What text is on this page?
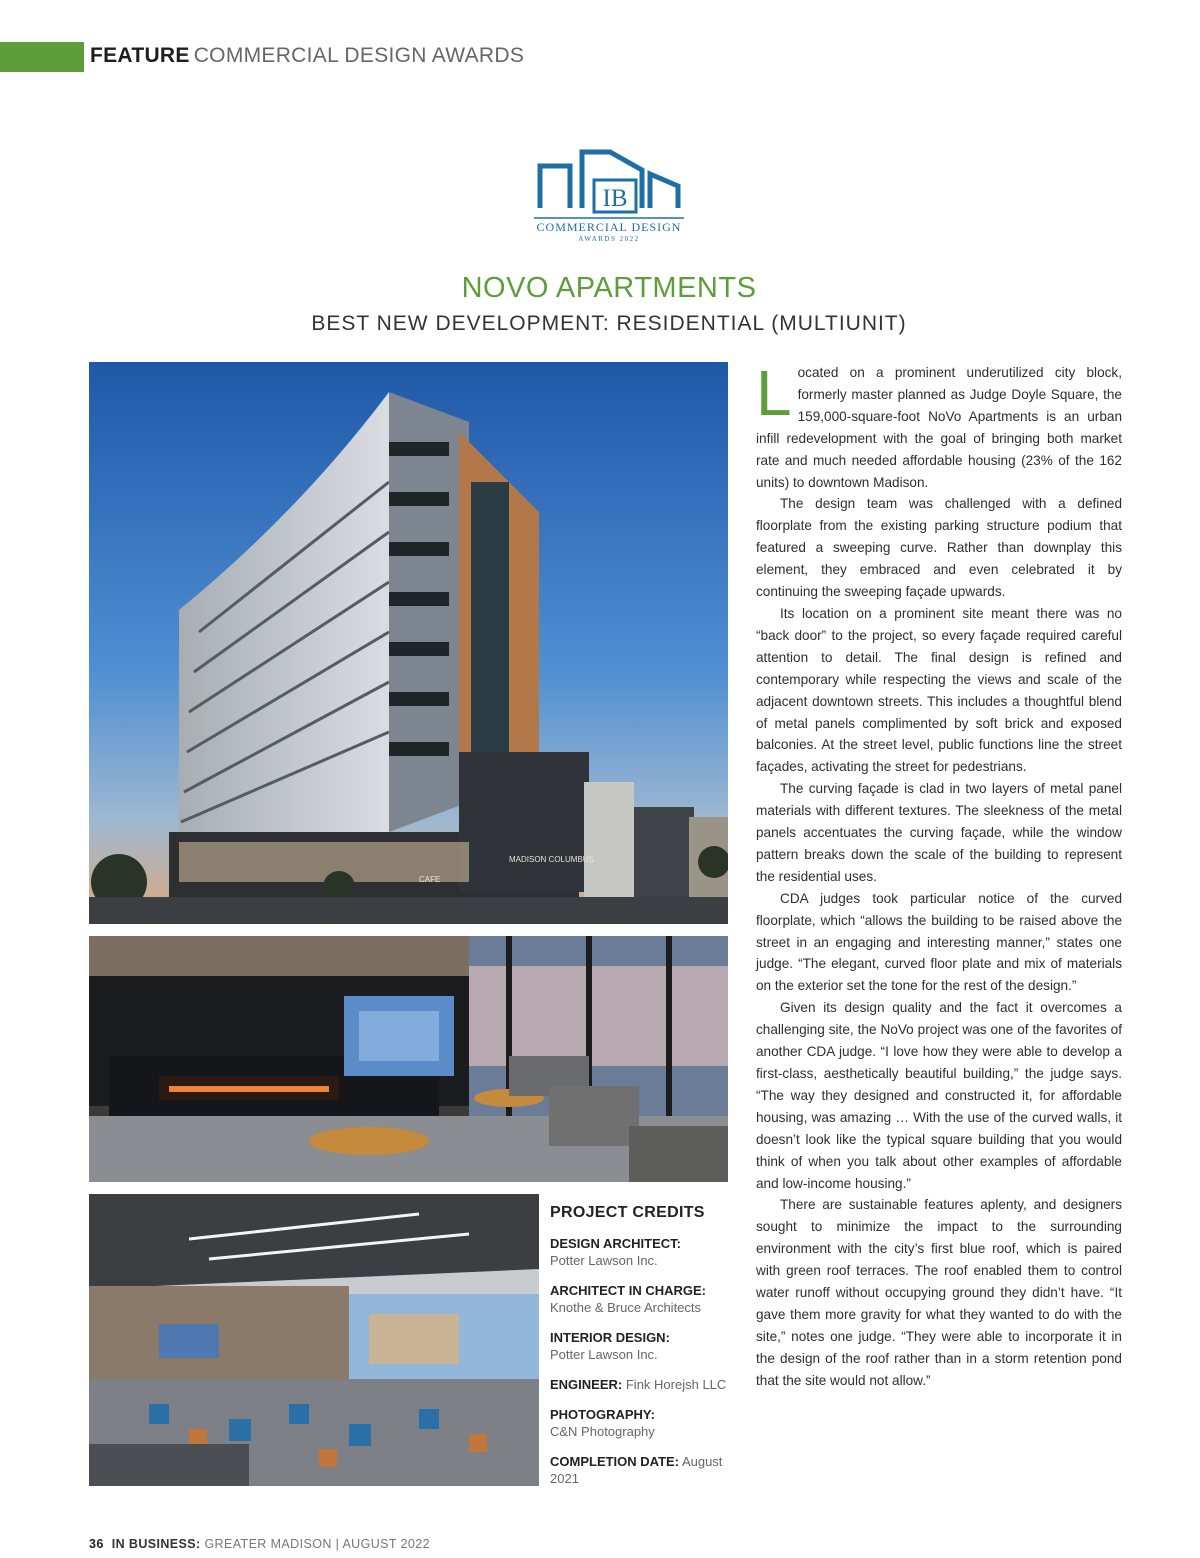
FEATURE COMMERCIAL DESIGN AWARDS
IB
COMMERCIAL DESIGN
AWARDS 2022
NOVO APARTMENTS
BEST NEW DEVELOPMENT: RESIDENTIAL (MULTIUNIT)
MADISON COLUMBUS
CAFE
PROJECT CREDITS
DESIGN ARCHITECT:
Potter Lawson Inc.
ARCHITECT IN CHARGE:
Knothe & Bruce Architects
INTERIOR DESIGN:
Potter Lawson Inc.
ENGINEER: Fink Horejsh LLC
PHOTOGRAPHY:
C&N Photography
COMPLETION DATE: August 2021

Located on a prominent underutilized city block, formerly master planned as Judge Doyle Square, the 159,000-square-foot NoVo Apartments is an urban infill redevelopment with the goal of bringing both market rate and much needed affordable housing (23% of the 162 units) to downtown Madison.

The design team was challenged with a defined floorplate from the existing parking structure podium that featured a sweeping curve. Rather than downplay this element, they embraced and even celebrated it by continuing the sweeping façade upwards.

Its location on a prominent site meant there was no “back door” to the project, so every façade required careful attention to detail. The final design is refined and contemporary while respecting the views and scale of the adjacent downtown streets. This includes a thoughtful blend of metal panels complimented by soft brick and exposed balconies. At the street level, public functions line the street façades, activating the street for pedestrians.

The curving façade is clad in two layers of metal panel materials with different textures. The sleekness of the metal panels accentuates the curving façade, while the window pattern breaks down the scale of the building to represent the residential uses.

CDA judges took particular notice of the curved floorplate, which “allows the building to be raised above the street in an engaging and interesting manner,” states one judge. “The elegant, curved floor plate and mix of materials on the exterior set the tone for the rest of the design.”

Given its design quality and the fact it overcomes a challenging site, the NoVo project was one of the favorites of another CDA judge. “I love how they were able to develop a first-class, aesthetically beautiful building,” the judge says. “The way they designed and constructed it, for affordable housing, was amazing … With the use of the curved walls, it doesn’t look like the typical square building that you would think of when you talk about other examples of affordable and low-income housing.”

There are sustainable features aplenty, and designers sought to minimize the impact to the surrounding environment with the city’s first blue roof, which is paired with green roof terraces. The roof enabled them to control water runoff without occupying ground they didn’t have. “It gave them more gravity for what they wanted to do with the site,” notes one judge. “They were able to incorporate it in the design of the roof rather than in a storm retention pond that the site would not allow.”

36 IN BUSINESS: GREATER MADISON | AUGUST 2022
